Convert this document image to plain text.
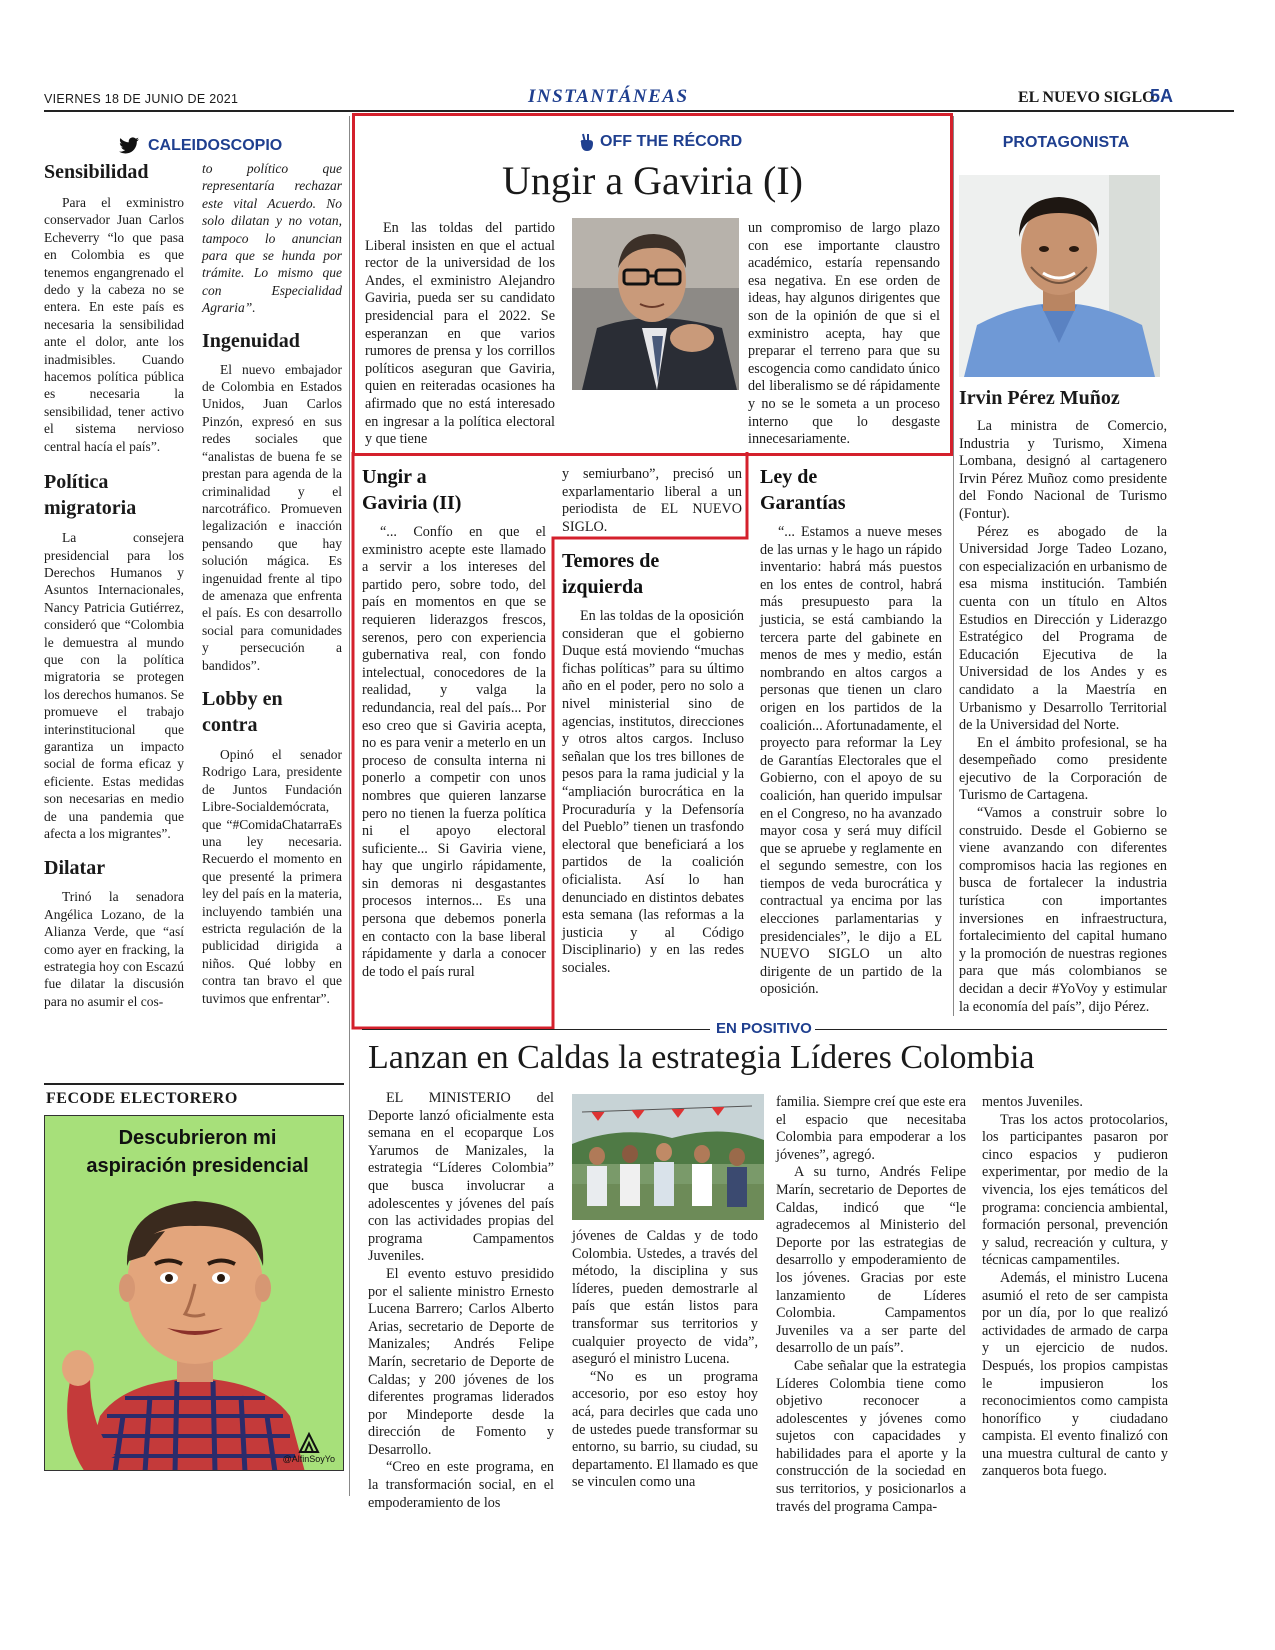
VIERNES 18 DE JUNIO DE 2021	INSTANTÁNEAS	EL NUEVO SIGLO
5A
CALEIDOSCOPIO
Sensibilidad
Para el exministro conservador Juan Carlos Echeverry “lo que pasa en Colombia es que tenemos engangrenado el dedo y la cabeza no se entera. En este país es necesaria la sensibilidad ante el dolor, ante los inadmisibles. Cuando hacemos política pública es necesaria la sensibilidad, tener activo el sistema nervioso central hacía el país”.
Política migratoria
La consejera presidencial para los Derechos Humanos y Asuntos Internacionales, Nancy Patricia Gutiérrez, consideró que “Colombia le demuestra al mundo que con la política migratoria se protegen los derechos humanos. Se promueve el trabajo interinstitucional que garantiza un impacto social de forma eficaz y eficiente. Estas medidas son necesarias en medio de una pandemia que afecta a los migrantes”.
Dilatar
Trinó la senadora Angélica Lozano, de la Alianza Verde, que “así como ayer en fracking, la estrategia hoy con Escazú fue dilatar la discusión para no asumir el cos-
to político que representaría rechazar este vital Acuerdo. No solo dilatan y no votan, tampoco lo anuncian para que se hunda por trámite. Lo mismo que con Especialidad Agraria”.
Ingenuidad
El nuevo embajador de Colombia en Estados Unidos, Juan Carlos Pinzón, expresó en sus redes sociales que “analistas de buena fe se prestan para agenda de la criminalidad y el narcotráfico. Promueven legalización e inacción pensando que hay solución mágica. Es ingenuidad frente al tipo de amenaza que enfrenta el país. Es con desarrollo social para comunidades y persecución a bandidos”.
Lobby en contra
Opinó el senador Rodrigo Lara, presidente de Juntos Fundación Libre-Socialdemócrata, que “#ComidaChatarraEs una ley necesaria. Recuerdo el momento en que presenté la primera ley del país en la materia, incluyendo también una estricta regulación de la publicidad dirigida a niños. Qué lobby en contra tan bravo el que tuvimos que enfrentar”.
FECODE ELECTORERO
Descubrieron mi aspiración presidencial
@AlfinSoyYo
OFF THE RÉCORD
Ungir a Gaviria (I)

En las toldas del partido Liberal insisten en que el actual rector de la universidad de los Andes, el exministro Alejandro Gaviria, pueda ser su candidato presidencial para el 2022. Se esperanzan en que varios rumores de prensa y los corrillos políticos aseguran que Gaviria, quien en reiteradas ocasiones ha afirmado que no está interesado en ingresar a la política electoral y que tiene

un compromiso de largo plazo con ese importante claustro académico, estaría repensando esa negativa. En ese orden de ideas, hay algunos dirigentes que son de la opinión de que si el exministro acepta, hay que preparar el terreno para que su escogencia como candidato único del liberalismo se dé rápidamente y no se le someta a un proceso interno que lo desgaste innecesariamente.

Ungir a Gaviria (II)
“... Confío en que el exministro acepte este llamado a servir a los intereses del partido pero, sobre todo, del país en momentos en que se requieren liderazgos frescos, serenos, pero con experiencia gubernativa real, con fondo intelectual, conocedores de la realidad, y valga la redundancia, real del país... Por eso creo que si Gaviria acepta, no es para venir a meterlo en un proceso de consulta interna ni ponerlo a competir con unos nombres que quieren lanzarse pero no tienen la fuerza política ni el apoyo electoral suficiente... Si Gaviria viene, hay que ungirlo rápidamente, sin demoras ni desgastantes procesos internos... Es una persona que debemos ponerla en contacto con la base liberal rápidamente y darla a conocer de todo el país rural
y semiurbano”, precisó un exparlamentario liberal a un periodista de EL NUEVO SIGLO.
Temores de izquierda
En las toldas de la oposición consideran que el gobierno Duque está moviendo “muchas fichas políticas” para su último año en el poder, pero no solo a nivel ministerial sino de agencias, institutos, direcciones y otros altos cargos. Incluso señalan que los tres billones de pesos para la rama judicial y la “ampliación burocrática en la Procuraduría y la Defensoría del Pueblo” tienen un trasfondo electoral que beneficiará a los partidos de la coalición oficialista. Así lo han denunciado en distintos debates esta semana (las reformas a la justicia y al Código Disciplinario) y en las redes sociales.
Ley de Garantías
“... Estamos a nueve meses de las urnas y le hago un rápido inventario: habrá más puestos en los entes de control, habrá más presupuesto para la justicia, se está cambiando la tercera parte del gabinete en menos de mes y medio, están nombrando en altos cargos a personas que tienen un claro origen en los partidos de la coalición... Afortunadamente, el proyecto para reformar la Ley de Garantías Electorales que el Gobierno, con el apoyo de su coalición, han querido impulsar en el Congreso, no ha avanzado mayor cosa y será muy difícil que se apruebe y reglamente en el segundo semestre, con los tiempos de veda burocrática y contractual ya encima por las elecciones parlamentarias y presidenciales”, le dijo a EL NUEVO SIGLO un alto dirigente de un partido de la oposición.
PROTAGONISTA
Irvin Pérez Muñoz

La ministra de Comercio, Industria y Turismo, Ximena Lombana, designó al cartagenero Irvin Pérez Muñoz como presidente del Fondo Nacional de Turismo (Fontur).

Pérez es abogado de la Universidad Jorge Tadeo Lozano, con especialización en urbanismo de esa misma institución. También cuenta con un título en Altos Estudios en Dirección y Liderazgo Estratégico del Programa de Educación Ejecutiva de la Universidad de los Andes y es candidato a la Maestría en Urbanismo y Desarrollo Territorial de la Universidad del Norte.

En el ámbito profesional, se ha desempeñado como presidente ejecutivo de la Corporación de Turismo de Cartagena.

“Vamos a construir sobre lo construido. Desde el Gobierno se viene avanzando con diferentes compromisos hacia las regiones en busca de fortalecer la industria turística con importantes inversiones en infraestructura, fortalecimiento del capital humano y la promoción de nuestras regiones para que más colombianos se decidan a decir #YoVoy y estimular la economía del país”, dijo Pérez.

EN POSITIVO
Lanzan en Caldas la estrategia Líderes Colombia

EL MINISTERIO del Deporte lanzó oficialmente esta semana en el ecoparque Los Yarumos de Manizales, la estrategia “Líderes Colombia” que busca involucrar a adolescentes y jóvenes del país con las actividades propias del programa Campamentos Juveniles.

El evento estuvo presidido por el saliente ministro Ernesto Lucena Barrero; Carlos Alberto Arias, secretario de Deporte de Manizales; Andrés Felipe Marín, secretario de Deporte de Caldas; y 200 jóvenes de los diferentes programas liderados por Mindeporte desde la dirección de Fomento y Desarrollo.

“Creo en este programa, en la transformación social, en el empoderamiento de los

jóvenes de Caldas y de todo Colombia. Ustedes, a través del método, la disciplina y sus líderes, pueden demostrarle al país que están listos para transformar sus territorios y cualquier proyecto de vida”, aseguró el ministro Lucena.

“No es un programa accesorio, por eso estoy hoy acá, para decirles que cada uno de ustedes puede transformar su entorno, su barrio, su ciudad, su departamento. El llamado es que se vinculen como una

familia. Siempre creí que este era el espacio que necesitaba Colombia para empoderar a los jóvenes”, agregó.

A su turno, Andrés Felipe Marín, secretario de Deportes de Caldas, indicó que “le agradecemos al Ministerio del Deporte por las estrategias de desarrollo y empoderamiento de los jóvenes. Gracias por este lanzamiento de Líderes Colombia. Campamentos Juveniles va a ser parte del desarrollo de un país”.

Cabe señalar que la estrategia Líderes Colombia tiene como objetivo reconocer a adolescentes y jóvenes como sujetos con capacidades y habilidades para el aporte y la construcción de la sociedad en sus territorios, y posicionarlos a través del programa Campa-

mentos Juveniles.

Tras los actos protocolarios, los participantes pasaron por cinco espacios y pudieron experimentar, por medio de la vivencia, los ejes temáticos del programa: conciencia ambiental, formación personal, prevención y salud, recreación y cultura, y técnicas campamentiles.

Además, el ministro Lucena asumió el reto de ser campista por un día, por lo que realizó actividades de armado de carpa y un ejercicio de nudos. Después, los propios campistas le impusieron los reconocimientos como campista honorífico y ciudadano campista. El evento finalizó con una muestra cultural de canto y zanqueros bota fuego.
